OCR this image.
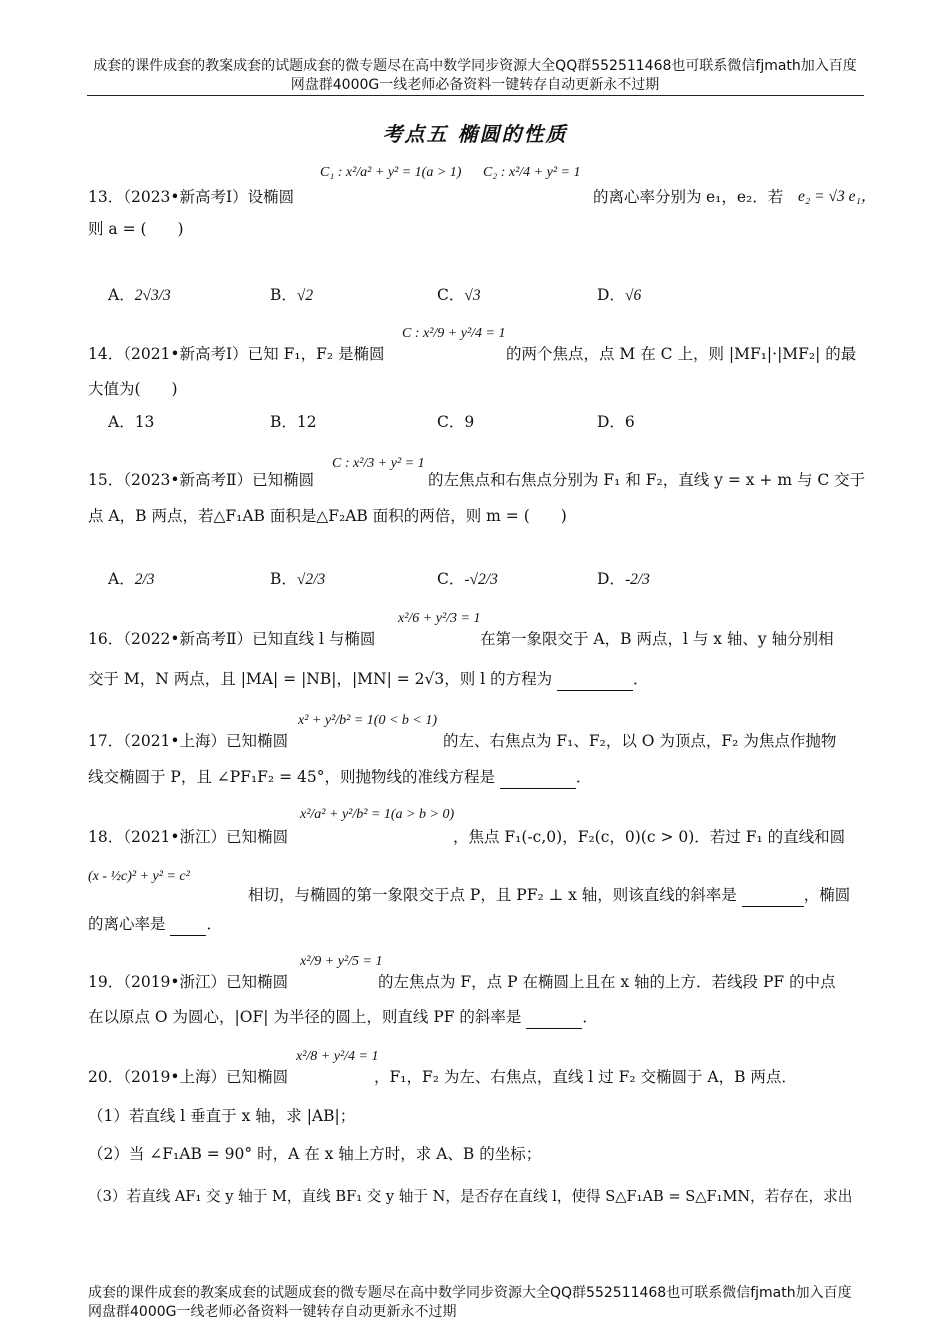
成套的课件成套的教案成套的试题成套的微专题尽在高中数学同步资源大全QQ群552511468也可联系微信fjmath加入百度
网盘群4000G一线老师必备资料一键转存自动更新永不过期
考点五 椭圆的性质
13．（2023•新高考Ⅰ）设椭圆
C₁ : x²/a² + y² = 1(a > 1) C₂ : x²/4 + y² = 1
的离心率分别为 e₁，e₂．若 e₂ = √3 e₁，
则 a = (　　)
A．2√3/3	B．√2	C．√3	D．√6
14．（2021•新高考Ⅰ）已知 F₁，F₂ 是椭圆
C : x²/9 + y²/4 = 1
的两个焦点，点 M 在 C 上，则 |MF₁|·|MF₂| 的最
大值为(　　)
A．13	B．12	C．9	D．6
15．（2023•新高考Ⅱ）已知椭圆
C : x²/3 + y² = 1
的左焦点和右焦点分别为 F₁ 和 F₂，直线 y = x + m 与 C 交于
点 A，B 两点，若△F₁AB 面积是△F₂AB 面积的两倍，则 m = (　　)
A．2/3	B．√2/3	C．-√2/3	D．-2/3
16．（2022•新高考Ⅱ）已知直线 l 与椭圆
x²/6 + y²/3 = 1
在第一象限交于 A，B 两点，l 与 x 轴、y 轴分别相
交于 M，N 两点，且 |MA| = |NB|，|MN| = 2√3，则 l 的方程为	．
17．（2021•上海）已知椭圆
x² + y²/b² = 1(0 < b < 1)
的左、右焦点为 F₁、F₂，以 O 为顶点，F₂ 为焦点作抛物
线交椭圆于 P，且 ∠PF₁F₂ = 45°，则抛物线的准线方程是	．
18．（2021•浙江）已知椭圆
x²/a² + y²/b² = 1(a > b > 0)
，焦点 F₁(-c,0)，F₂(c，0)(c > 0)．若过 F₁ 的直线和圆
(x - ½c)² + y² = c²
相切，与椭圆的第一象限交于点 P，且 PF₂ ⊥ x 轴，则该直线的斜率是	，椭圆
的离心率是	．
19．（2019•浙江）已知椭圆
x²/9 + y²/5 = 1
的左焦点为 F，点 P 在椭圆上且在 x 轴的上方．若线段 PF 的中点
在以原点 O 为圆心，|OF| 为半径的圆上，则直线 PF 的斜率是	．
20．（2019•上海）已知椭圆
x²/8 + y²/4 = 1
，F₁，F₂ 为左、右焦点，直线 l 过 F₂ 交椭圆于 A，B 两点．
（1）若直线 l 垂直于 x 轴，求 |AB|；
（2）当 ∠F₁AB = 90° 时，A 在 x 轴上方时，求 A、B 的坐标；
（3）若直线 AF₁ 交 y 轴于 M，直线 BF₁ 交 y 轴于 N，是否存在直线 l，使得 S△F₁AB = S△F₁MN，若存在，求出
成套的课件成套的教案成套的试题成套的微专题尽在高中数学同步资源大全QQ群552511468也可联系微信fjmath加入百度
网盘群4000G一线老师必备资料一键转存自动更新永不过期
